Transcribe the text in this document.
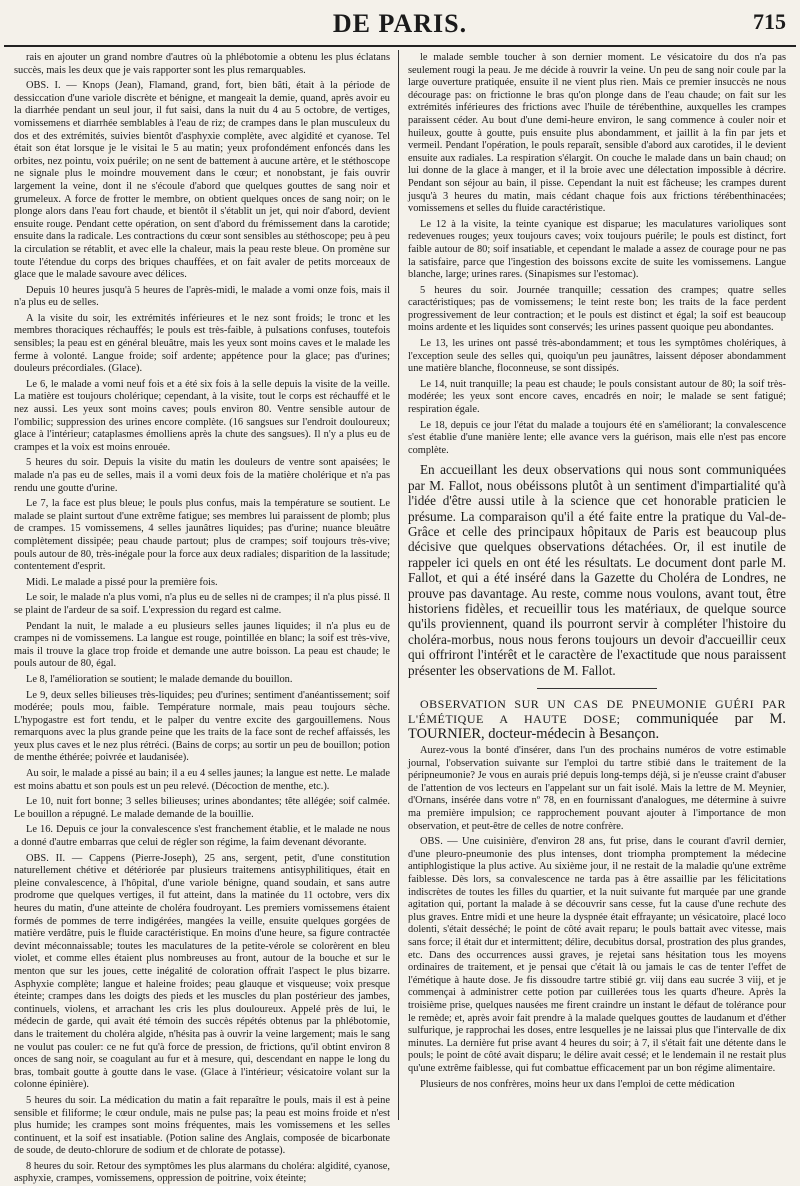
DE PARIS.	715

rais en ajouter un grand nombre d'autres où la phlébotomie a obtenu les plus éclatans succès, mais les deux que je vais rapporter sont les plus remarquables.

OBS. I. — Knops (Jean), Flamand, grand, fort, bien bâti, était à la période de dessiccation d'une variole discrète et bénigne, et mangeait la demie, quand, après avoir eu la diarrhée pendant un seul jour, il fut saisi, dans la nuit du 4 au 5 octobre, de vertiges, vomissemens et diarrhée semblables à l'eau de riz; de crampes dans le plan musculeux du dos et des extrémités, suivies bientôt d'asphyxie complète, avec algidité et cyanose. Tel était son état lorsque je le visitai le 5 au matin; yeux profondément enfoncés dans les orbites, nez pointu, voix puérile; on ne sent de battement à aucune artère, et le stéthoscope ne signale plus le moindre mouvement dans le cœur; et nonobstant, je fais ouvrir largement la veine, dont il ne s'écoule d'abord que quelques gouttes de sang noir et grumeleux. A force de frotter le membre, on obtient quelques onces de sang noir; on le plonge alors dans l'eau fort chaude, et bientôt il s'établit un jet, qui noir d'abord, devient ensuite rouge. Pendant cette opération, on sent d'abord du frémissement dans la carotide; ensuite dans la radicale. Les contractions du cœur sont sensibles au stéthoscope; peu à peu la circulation se rétablit, et avec elle la chaleur, mais la peau reste bleue. On promène sur toute l'étendue du corps des briques chauffées, et on fait avaler de petits morceaux de glace que le malade savoure avec délices.

Depuis 10 heures jusqu'à 5 heures de l'après-midi, le malade a vomi onze fois, mais il n'a plus eu de selles.

A la visite du soir, les extrémités inférieures et le nez sont froids; le tronc et les membres thoraciques réchauffés; le pouls est très-faible, à pulsations confuses, toutefois sensibles; la peau est en général bleuâtre, mais les yeux sont moins caves et le malade les ferme à volonté. Langue froide; soif ardente; appétence pour la glace; pas d'urines; douleurs précordiales. (Glace).

Le 6, le malade a vomi neuf fois et a été six fois à la selle depuis la visite de la veille. La matière est toujours cholérique; cependant, à la visite, tout le corps est réchauffé et le nez aussi. Les yeux sont moins caves; pouls environ 80. Ventre sensible autour de l'ombilic; suppression des urines encore complète. (16 sangsues sur l'endroit douloureux; glace à l'intérieur; cataplasmes émolliens après la chute des sangsues). Il n'y a plus eu de crampes et la voix est moins enrouée.

5 heures du soir. Depuis la visite du matin les douleurs de ventre sont apaisées; le malade n'a pas eu de selles, mais il a vomi deux fois de la matière cholérique et n'a pas rendu une goutte d'urine.

Le 7, la face est plus bleue; le pouls plus confus, mais la température se soutient. Le malade se plaint surtout d'une extrême fatigue; ses membres lui paraissent de plomb; plus de crampes. 15 vomissemens, 4 selles jaunâtres liquides; pas d'urine; nuance bleuâtre complètement dissipée; peau chaude partout; plus de crampes; soif toujours très-vive; pouls autour de 80, très-inégale pour la force aux deux radiales; disparition de la lassitude; contentement d'esprit.

Midi. Le malade a pissé pour la première fois.

Le soir, le malade n'a plus vomi, n'a plus eu de selles ni de crampes; il n'a plus pissé. Il se plaint de l'ardeur de sa soif. L'expression du regard est calme.

Pendant la nuit, le malade a eu plusieurs selles jaunes liquides; il n'a plus eu de crampes ni de vomissemens. La langue est rouge, pointillée en blanc; la soif est très-vive, mais il trouve la glace trop froide et demande une autre boisson. La peau est chaude; le pouls autour de 80, égal.

Le 8, l'amélioration se soutient; le malade demande du bouillon.

Le 9, deux selles bilieuses très-liquides; peu d'urines; sentiment d'anéantissement; soif modérée; pouls mou, faible. Température normale, mais peau toujours sèche. L'hypogastre est fort tendu, et le palper du ventre excite des gargouillemens. Nous remarquons avec la plus grande peine que les traits de la face sont de rechef affaissés, les yeux plus caves et le nez plus rétréci. (Bains de corps; au sortir un peu de bouillon; potion de menthe éthérée; poivrée et laudanisée).

Au soir, le malade a pissé au bain; il a eu 4 selles jaunes; la langue est nette. Le malade est moins abattu et son pouls est un peu relevé. (Décoction de menthe, etc.).

Le 10, nuit fort bonne; 3 selles bilieuses; urines abondantes; tête allégée; soif calmée. Le bouillon a répugné. Le malade demande de la bouillie.

Le 16. Depuis ce jour la convalescence s'est franchement établie, et le malade ne nous a donné d'autre embarras que celui de régler son régime, la faim devenant dévorante.

OBS. II. — Cappens (Pierre-Joseph), 25 ans, sergent, petit, d'une constitution naturellement chétive et détériorée par plusieurs traitemens antisyphilitiques, était en pleine convalescence, à l'hôpital, d'une variole bénigne, quand soudain, et sans autre prodrome que quelques vertiges, il fut atteint, dans la matinée du 11 octobre, vers dix heures du matin, d'une atteinte de choléra foudroyant. Les premiers vomissemens étaient formés de pommes de terre indigérées, mangées la veille, ensuite quelques gorgées de matière verdâtre, puis le fluide caractéristique. En moins d'une heure, sa figure contractée devint méconnaissable; toutes les maculatures de la petite-vérole se colorèrent en bleu violet, et comme elles étaient plus nombreuses au front, autour de la bouche et sur le menton que sur les joues, cette inégalité de coloration offrait l'aspect le plus bizarre. Asphyxie complète; langue et haleine froides; peau glauque et visqueuse; voix presque éteinte; crampes dans les doigts des pieds et les muscles du plan postérieur des jambes, continuels, violens, et arrachant les cris les plus douloureux. Appelé près de lui, le médecin de garde, qui avait été témoin des succès répétés obtenus par la phlébotomie, dans le traitement du choléra algide, n'hésita pas à ouvrir la veine largement; mais le sang ne voulut pas couler: ce ne fut qu'à force de pression, de frictions, qu'il obtint environ 8 onces de sang noir, se coagulant au fur et à mesure, qui, descendant en nappe le long du bras, tombait goutte à goutte dans le vase. (Glace à l'intérieur; vésicatoire volant sur la colonne épinière).

5 heures du soir. La médication du matin a fait reparaître le pouls, mais il est à peine sensible et filiforme; le cœur ondule, mais ne pulse pas; la peau est moins froide et n'est plus humide; les crampes sont moins fréquentes, mais les vomissemens et les selles continuent, et la soif est insatiable. (Potion saline des Anglais, composée de bicarbonate de soude, de deuto-chlorure de sodium et de chlorate de potasse).

8 heures du soir. Retour des symptômes les plus alarmans du choléra: algidité, cyanose, asphyxie, crampes, vomissemens, oppression de poitrine, voix éteinte;

le malade semble toucher à son dernier moment. Le vésicatoire du dos n'a pas seulement rougi la peau. Je me décide à rouvrir la veine. Un peu de sang noir coule par la large ouverture pratiquée, ensuite il ne vient plus rien. Mais ce premier insuccès ne nous décourage pas: on frictionne le bras qu'on plonge dans de l'eau chaude; on fait sur les extrémités inférieures des frictions avec l'huile de térébenthine, auxquelles les crampes paraissent céder. Au bout d'une demi-heure environ, le sang commence à couler noir et huileux, goutte à goutte, puis ensuite plus abondamment, et jaillit à la fin par jets et vermeil. Pendant l'opération, le pouls reparaît, sensible d'abord aux carotides, il le devient ensuite aux radiales. La respiration s'élargit. On couche le malade dans un bain chaud; on lui donne de la glace à manger, et il la broie avec une délectation impossible à décrire. Pendant son séjour au bain, il pisse. Cependant la nuit est fâcheuse; les crampes durent jusqu'à 3 heures du matin, mais cédant chaque fois aux frictions térébenthinacées; vomissemens et selles du fluide caractéristique.

Le 12 à la visite, la teinte cyanique est disparue; les maculatures varioliques sont redevenues rouges; yeux toujours caves; voix toujours puérile; le pouls est distinct, fort faible autour de 80; soif insatiable, et cependant le malade a assez de courage pour ne pas la satisfaire, parce que l'ingestion des boissons excite de suite les vomissemens. Langue blanche, large; urines rares. (Sinapismes sur l'estomac).

5 heures du soir. Journée tranquille; cessation des crampes; quatre selles caractéristiques; pas de vomissemens; le teint reste bon; les traits de la face perdent progressivement de leur contraction; et le pouls est distinct et égal; la soif est beaucoup moins ardente et les liquides sont conservés; les urines passent quoique peu abondantes.

Le 13, les urines ont passé très-abondamment; et tous les symptômes cholériques, à l'exception seule des selles qui, quoiqu'un peu jaunâtres, laissent déposer abondamment une matière blanche, floconneuse, se sont dissipés.

Le 14, nuit tranquille; la peau est chaude; le pouls consistant autour de 80; la soif très-modérée; les yeux sont encore caves, encadrés en noir; le malade se sent fatigué; respiration égale.

Le 18, depuis ce jour l'état du malade a toujours été en s'améliorant; la convalescence s'est établie d'une manière lente; elle avance vers la guérison, mais elle n'est pas encore complète.

En accueillant les deux observations qui nous sont communiquées par M. Fallot, nous obéissons plutôt à un sentiment d'impartialité qu'à l'idée d'être aussi utile à la science que cet honorable praticien le présume. La comparaison qu'il a été faite entre la pratique du Val-de-Grâce et celle des principaux hôpitaux de Paris est beaucoup plus décisive que quelques observations détachées. Or, il est inutile de rappeler ici quels en ont été les résultats. Le document dont parle M. Fallot, et qui a été inséré dans la Gazette du Choléra de Londres, ne prouve pas davantage. Au reste, comme nous voulons, avant tout, être historiens fidèles, et recueillir tous les matériaux, de quelque source qu'ils proviennent, quand ils pourront servir à compléter l'histoire du choléra-morbus, nous nous ferons toujours un devoir d'accueillir ceux qui offriront l'intérêt et le caractère de l'exactitude que nous paraissent présenter les observations de M. Fallot.

OBSERVATION SUR UN CAS DE PNEUMONIE GUÉRI PAR L'ÉMÉTIQUE A HAUTE DOSE; communiquée par M. TOURNIER, docteur-médecin à Besançon.

Aurez-vous la bonté d'insérer, dans l'un des prochains numéros de votre estimable journal, l'observation suivante sur l'emploi du tartre stibié dans le traitement de la péripneumonie? Je vous en aurais prié depuis long-temps déjà, si je n'eusse craint d'abuser de l'attention de vos lecteurs en l'appelant sur un fait isolé. Mais la lettre de M. Meynier, d'Ornans, insérée dans votre nº 78, en en fournissant d'analogues, me détermine à suivre ma première impulsion; ce rapprochement pouvant ajouter à l'importance de mon observation, et peut-être de celles de notre confrère.

OBS. — Une cuisinière, d'environ 28 ans, fut prise, dans le courant d'avril dernier, d'une pleuro-pneumonie des plus intenses, dont triompha promptement la médecine antiphlogistique la plus active. Au sixième jour, il ne restait de la maladie qu'une extrême faiblesse. Dès lors, sa convalescence ne tarda pas à être assaillie par les félicitations indiscrètes de toutes les filles du quartier, et la nuit suivante fut marquée par une grande agitation qui, portant la malade à se découvrir sans cesse, fut la cause d'une rechute des plus graves. Entre midi et une heure la dyspnée était effrayante; un vésicatoire, placé loco dolenti, s'était desséché; le point de côté avait reparu; le pouls battait avec vitesse, mais sans force; il était dur et intermittent; délire, decubitus dorsal, prostration des plus grandes, etc. Dans des occurrences aussi graves, je rejetai sans hésitation tous les moyens ordinaires de traitement, et je pensai que c'était là ou jamais le cas de tenter l'effet de l'émétique à haute dose. Je fis dissoudre tartre stibié gr. viij dans eau sucrée 3 viij, et je commençai à administrer cette potion par cuillerées tous les quarts d'heure. Après la troisième prise, quelques nausées me firent craindre un instant le défaut de tolérance pour le remède; et, après avoir fait prendre à la malade quelques gouttes de laudanum et d'éther sulfurique, je rapprochai les doses, entre lesquelles je ne laissai plus que l'intervalle de dix minutes. La dernière fut prise avant 4 heures du soir; à 7, il s'était fait une détente dans le pouls; le point de côté avait disparu; le délire avait cessé; et le lendemain il ne restait plus qu'une extrême faiblesse, qui fut combattue efficacement par un bon régime alimentaire.

Plusieurs de nos confrères, moins heur ux dans l'emploi de cette médication
